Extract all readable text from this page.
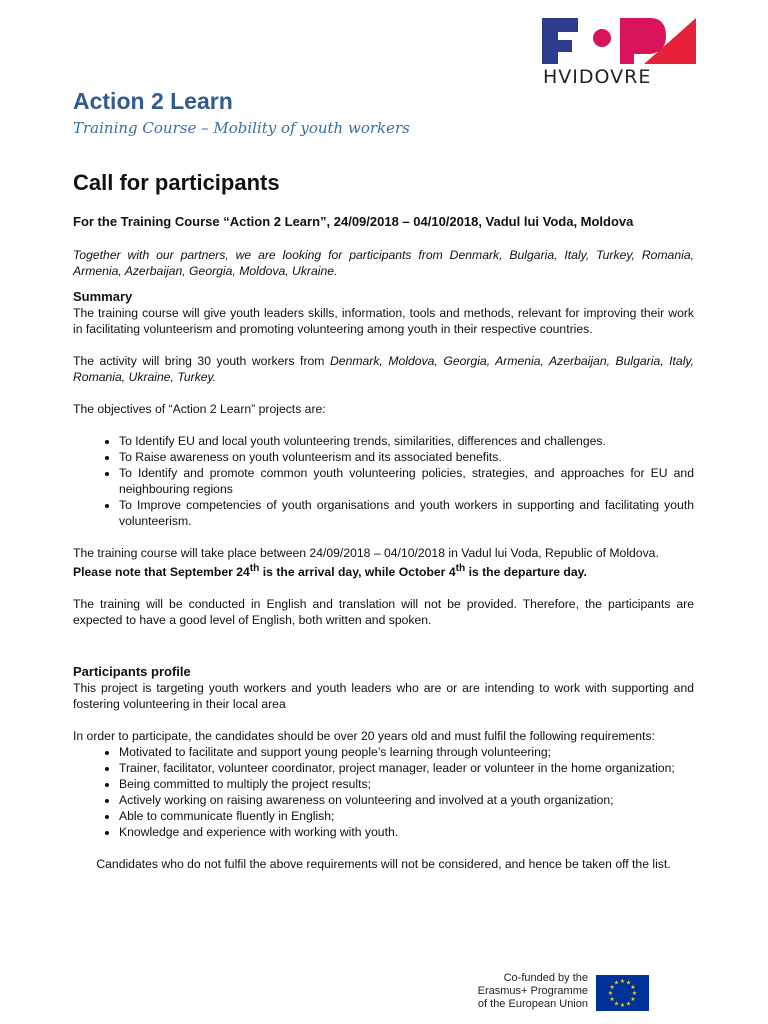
HVIDOVRE
Action 2 Learn
Training Course – Mobility of youth workers
Call for participants

For the Training Course “Action 2 Learn”, 24/09/2018 – 04/10/2018, Vadul lui Voda, Moldova

Together with our partners, we are looking for participants from Denmark, Bulgaria, Italy, Turkey, Romania, Armenia, Azerbaijan, Georgia, Moldova, Ukraine.

Summary

The training course will give youth leaders skills, information, tools and methods, relevant for improving their work in facilitating volunteerism and promoting volunteering among youth in their respective countries.

The activity will bring 30 youth workers from Denmark, Moldova, Georgia, Armenia, Azerbaijan, Bulgaria, Italy, Romania, Ukraine, Turkey.

The objectives of “Action 2 Learn” projects are:

• To Identify EU and local youth volunteering trends, similarities, differences and challenges.
• To Raise awareness on youth volunteerism and its associated benefits.
• To Identify and promote common youth volunteering policies, strategies, and approaches for EU and neighbouring regions
• To Improve competencies of youth organisations and youth workers in supporting and facilitating youth volunteerism.

The training course will take place between 24/09/2018 – 04/10/2018 in Vadul lui Voda, Republic of Moldova.

Please note that September 24th is the arrival day, while October 4th is the departure day.

The training will be conducted in English and translation will not be provided. Therefore, the participants are expected to have a good level of English, both written and spoken.

Participants profile

This project is targeting youth workers and youth leaders who are or are intending to work with supporting and fostering volunteering in their local area

In order to participate, the candidates should be over 20 years old and must fulfil the following requirements:

• Motivated to facilitate and support young people’s learning through volunteering;
• Trainer, facilitator, volunteer coordinator, project manager, leader or volunteer in the home organization;
• Being committed to multiply the project results;
• Actively working on raising awareness on volunteering and involved at a youth organization;
• Able to communicate fluently in English;
• Knowledge and experience with working with youth.

Candidates who do not fulfil the above requirements will not be considered, and hence be taken off the list.

Co-funded by the Erasmus+ Programme of the European Union
★ ★
★
★
★
★
★
★
★
★
★
★
